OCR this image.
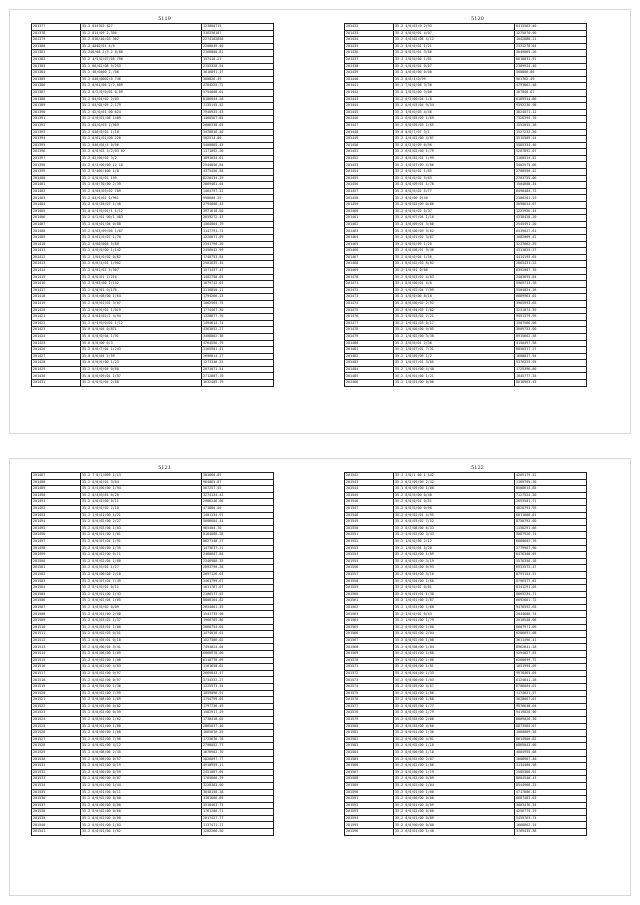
5119
201377	35.2 014702 $27	123060715
201378	35.2 014/09 2,356	316336107
201379	35.2 018/40/03 362	2274102058
201380	35.2 4040/01 4/0	2200049.40
201381	35.240/08 2/3.2 8/08	2168800.81
201382	35.2 4/5/0/07/05 796	157410.21
201383	35.2 60/02/08 9/253	2155328.54
201384	35.2 40/0400 2,/06	3616891.37
201385	35.2 040/0002/0 746	380826.39
201386	35.2 0/04/08 2/2,009	4784225.72
201387	35.2 0/2/0/0/01 0,09	5754008.01
201388	35.2 04/04/02 2/05	8186044.28
201389	35.2 04/05/05 2,179	1135145.42
201390	35.2 02/0/01 00 624	7940925.43
201391	35.2 0/0/01/08 1469	1460567.85
201392	35.2 04/0/03 1/969	2006338.03
201393	35.2 040/0/01 1/16	3478816.40
201394	35.2 0/01/01/00 220	502514.00
201395	35.2 040/04/4 0/96	5400005.43
201396	35.2 0/0/03 3/2/03 02	1171092.20
201397	35.2 02/00/02 3/2	1891034.01
201398	35.2 0/2/00/00 12 18	2544856.84
201399	35.2 0/400/400 1/8	4373456.58
201400	35.2 0/0/0/01 199	8228434.29
201401	35.2 0/0/70/00 2/39	2869481.04
201402	35.2 0/04/03/02 789	1464797.22
201403	35.2 04/0/02 1/961	998600.29
201404	35.2 0/0/28/07 1/48	2794008.43
201405	35.0 0/4/0/01/1 1/12	3971618.50
201406	35.2 0/2/01 00/1 483	2659272.43
201407	35.2 0/0/01/04 0/88	1564004.79
201408	35.2 0/03/09/06 1/87	1147791.72
201409	35.2 0/01/0/07 1/70	1226071.09
201410	35.2 4/00/004 5/88	2341798.26
201411	35.2 4/0/0/00 1/142	2456042.99
201412	35.2 1/04/0/02 0/82	1740753.84
201413	35.2 0/0/4/01 1/902	2501835.45
201414	35.2 0/01/02 5/307	1571437.47
201415	35.2 0/0/01 1/216	1402758.05
201416	35.2 0/03/00 2/152	1079712.02
201417	35.2 0/0/01 0/176	3116850.11
201418	35.2 0/0/08/00 1/64	1794266.23
201419	35.2 0/0/01/01 3/07	1062564.75
201420	35.2 0/0/0/01 1/019	1774467.30
201421	35.2 0/04/02/2 4/94	1320677.76
201422	35.2 0/4/0/0/01 1/12	1494614.74
201423	35.0 0/0/04 0/871	4363052.27
201424	35.0 0/0/0/04 1/91	3408002.36
201425	35.0 0/0/00 0/3	4764556.79
201426	35.2 0/0/7/04 1/243	3165901.41
201427	35.0 0/0/04 1/59	2696014.27
201428	35.0 0/0/0/00 1/23	1273346.22
201429	35.2 0/4/0/04 0/60	2071071.54
201430	35.0 0/0/09/01 1/57	2712887.70
201431	35.2 0/0/0/04 2/68	1632405.79
5120
201432	35.2 4/0/03/0 2/93	6415562.40
201433	35.2 4/0/0/01 4/07	1275070.90
201434	35.2 4/0/02/04 4/12	1042888.21
201435	35.2 4/0/0/01 1/21	2331278.64
201436	35.2 0/0/0/01 3/66	3049065.20
201437	35.2 2/0/0/00 1/01	6618831.91
201438	35.2 4/0/0/01 0/07	2309924.40
201439	35.2 4/0/0/00 0/00	560006.00
201440	35.2 0/0/4/0/99	961762.49
201441	35.1 7/0/0/08 3/36	4793862.48
201442	35.0 1/0/0/00 3/08	167040.62
201443	35.2 0/2/00/04 1/8	6169554.86
201444	35.2 0/0/03/04 9/54	9392236.98
201445	35.2 4/0/0/03 4/46	3824071.12
201446	35.2 0/0/05/09 1/69	7328395.76
201447	35.2 0/0/05/03 1/65	1552055.28
201448	35.0 0/0/7/07 3/1	1527232.20
201449	35.2 4/0/02/00 4/87	3515589.54
201450	35.2 0/2/0/09 6/96	5585334.46
201451	35.2 0/0/02/00 1/79	5207892.07
201452	35.2 0/0/02/01 1/99	1160514.52
201453	35.2 4/0/07/09 4/06	5402575.66
201454	35.2 0/0/0/02 1/65	2708990.42
201455	35.2 0/0/0/02 5/65	2703755.00
201456	35.2 4/0/09/01 1/76	1504008.34
201457	35.2 0/0/0/02 5/77	8490484.72
201458	35.2 0/0/00 0/40	2386201.19
201459	35.2 0/0/02/09 0/80	3098654.07
201460	35.2 0/0/0/02 5/37	1223926.44
201461	35.2 0/0/07/04 1/16	4338428.20
201462	35.2 4/0/09/01 3/66	2545491.20
201463	35.2 0/0/00/09 3/62	6519027.61
201464	35.2 4/0/01/02 3/67	1082069.42
201465	35.2 0/0/0/09 1/26	3227862.29
201466	35.2 0/0/08/01 9/46	4311825.27
201467	35.2 0/0/0/04 1/56	4414195.65
201468	35.1 0/0/02/03 8/82	2865431.22
201469	35.2 1/0/01 0/08	6352087.76
201470	35.2 0/0/03/02 4/03	2403695.84
201471	35.1 0/0/00/01 4/0	5969713.76
201472	35.2 4/0/02/04 7/99	5504024.26
201473	35.2 4/0/0/00 8/18	6889963.02
201474	35.2 0/0/00/02 2/92	3965993.65
201475	35.2 0/0/04/03 1/02	3231074.39
201476	35.2 4/0/03/02 7/21	9951379.99
201477	35.2 1/0/02/03 0/17	1507566.06
201478	35.2 1/0/00/00 9/05	3609753.00
201479	35.2 1/0/02/00 3/38	6915662.58
201480	35.2 4/0/0/01 2/36	4150497.58
201481	35.2 1/0/07/01 7/31	8850317.27
201482	35.2 1/0/09/09 1/2	1600027.54
201483	35.2 1/0/07/01 3/05	9376225.95
201484	35.2 1/0/01/00 4/40	1725396.80
201485	35.2 4/0/01/00 1/21	1045777.25
201486	35.2 1/0/01/00 0/06	8618963.43
5121
201487	35.2 7 0/1/099 1/13	301666.05
201488	35.2 0/0/0/01 3/64	964065.87
201489	35.2 0/4/00/00 1/94	567257.55
201490	35.2 0/4/0/01 0/20	3274124.42
201491	35.2 4/0/0/00 0/11	2986246.06
201492	35.2 0/0/0/02 2/10	471886.50
201493	35.2 1/0/01/00 1/21	1401134.97
201494	35.2 0/0/02/00 2/27	5686684.44
201495	35.2 0/0/03/00 1/63	965404.70
201496	35.2 0/0/01/00 1/81	8164088.28
201497	35.2 0/0/07/04 1/91	8827148.27
201498	35.2 0/0/00/00 1/35	1473637.21
201499	35.2 0/0/02/00 0/11	2460607.84
201500	35.2 0/0/02/04 1/60	2346988.35
201501	35.2 0/0/0/01 1/17	2893790.28
201502	35.2 0/0/00/08 2/18	2697126.03
201503	35.2 0/0/07/04 7/49	3461799.67
201504	35.2 0/4/0/01 0/11	1611787.07
201505	35.2 0/0/01/00 1/43	2106577.92
201506	35.2 0/0/02/04 1/65	8808164.82
201507	35.2 4/0/0/02 0/09	2654001.45
201508	35.2 0/0/01/00 2/08	1541735.90
201509	35.2 0/0/03/01 1/37	1966705.86
201510	35.2 0/0/03/01 1/00	2068754.04
201511	35.2 0/0/02/03 0/51	1474010.01
201512	35.2 0/0/05/01 0/10	1527386.02
201513	35.2 0/0/00/04 3/41	7494024.04
201514	35.2 0/0/08/00 1/09	6868978.00
201515	35.2 0/0/02/00 1/00	6118778.69
201516	35.2 0/0/02/00 4/03	1161658.02
201517	35.2 0/0/02/00 0/57	2669843.47
201518	35.2 0/0/02/00 0/97	3734532.27
201519	35.2 0/0/04/00 1/36	1225573.34
201520	35.2 0/0/02/00 7/99	1859096.91
201521	35.2 0/0/08/00 1/69	1754799.05
201522	35.2 0/0/05/00 0/02	1797736.49
201523	35.2 0/0/02/00 0/59	1582917.29
201524	35.2 0/0/01/00 1/62	1730418.02
201525	35.2 0/0/01/00 1/88	2865037.40
201526	35.2 0/0/00/00 1/68	1665676.25
201527	35.2 0/0/02/00 7/56	1725676.78
201528	35.2 0/0/02/00 4/12	2798052.77
201529	35.2 0/0/08/00 2/45	1676902.70
201530	35.2 0/0/08/00 0/57	1826097.77
201531	35.2 0/0/02/00 0/19	4910959.11
201532	35.2 0/0/00/00 0/59	2451007.05
201533	35.2 0/0/00/00 0/07	1765666.79
201534	35.2 0/0/01/00 1/44	3228383.00
201535	35.2 0/0/01/00 0/11	3648158.28
201536	35.2 0/0/02/00 8/00	3381606.89
201537	35.2 0/0/00/00 0/00	3518463.73
201538	35.2 0/0/02/00 0/60	1761208.71
201539	35.2 0/0/02/00 0/08	2017427.77
201540	35.2 0/0/01/00 1/03	1137471.27
201541	35.2 0/0/01/00 1/02	1282266.50
5122
201542	35.2 2/0/1 00 1 $42	4285179.22
201543	35.2 0/2/09/09 2/42	1169795.20
201544	35.1 0/0/09/00 1/08	8568614.85
201545	35.2 0/0/0/00 0/48	7127524.20
201546	35.2 0/0/0/01 0/51	2693581.71
201547	35.2 0/0/0/00 0/98	4820793.99
201548	35.2 0/0/02/01 4/95	6011008.81
201549	35.2 0/0/03/02 7/52	8750792.60
201550	35.2 0/2/08/00 6/33	1158291.66
201551	35.2 4/0/02/00 3/43	5087926.74
201552	35.2 1/0/0/00 2/12	6668602.76
201553	35.2 1/0/0/04 5/20	2779967.90
201554	35.2 0/0/02/00 1/09	6476308.95
201555	35.2 0/0/01/00 3/19	5578350.18
201556	35.2 0/0/02/00 0/93	6933573.47
201557	35.2 0/0/01/00 3/10	6793154.51
201558	35.2 0/0/04/00 1/60	8796577.82
201559	35.2 0/0/0/02 0/01	8341291.05
201560	35.2 0/0/01/01 1/30	8665234.71
201561	35.2 1/0/01/00 1/67	6692601.72
201562	35.2 1/0/01/00 1/60	9476592.65
201563	35.2 1/0/0/02 0/43	2044686.74
201564	35.2 1/0/01/00 1/79	2010548.06
201565	35.2 0/0/09/00 1/00	6607971.09
201566	35.2 0/0/02/00 2/04	6286691.68
201567	35.2 0/0/02/00 1/08	3611496.41
201568	35.2 0/0/08/00 1/04	8962841.28
201569	35.2 0/0/01/00 1/88	5294027.55
201570	35.2 0/0/01/00 1/00	6268699.72
201571	35.2 0/0/04/00 1/81	1051995.09
201572	35.2 0/0/04/00 1/33	9978465.05
201573	35.2 0/0/00/00 1/03	6124841.28
201574	35.2 0/0/05/00 4/67	6706004.01
201575	35.2 0/0/02/00 1/06	1174621.57
201576	35.2 0/0/04/00 1/68	5628667.01
201577	35.2 0/0/02/00 1/77	9976648.04
201578	35.2 0/0/02/00 1/79	9419820.90
201579	35.2 0/0/02/00 2/06	8809026.30
201580	35.2 0/0/02/00 4/60	6873565.67
201581	35.2 0/0/01/00 1/30	1060069.36
201582	35.2 0/0/00/00 4/81	8614900.82
201583	35.2 0/0/02/00 1/18	6869043.66
201584	35.2 0/0/00/00 1/10	4004955.08
201585	35.2 0/0/02/00 2/07	1608967.40
201586	35.2 0/0/02/00 1/06	3134480.98
201587	35.2 0/0/00/00 1/19	2585366.91
201588	35.2 0/0/02/00 0/89	8804548.43
201589	35.2 0/0/02/00 1/04	8544968.25
201590	35.2 0/0/01/00 1/00	4717886.42
201591	35.2 0/0/00/00 0/00	6687483.63
201592	35.2 0/0/01/00 0/09	3803476.34
201593	35.2 0/0/02/00 0/00	4256779.29
201594	35.2 0/0/01/00 0/89	3459763.74
201595	35.2 0/0/00/00 0/00	1668862.15
201596	35.2 0/0/01/00 1/48	3769435.38
